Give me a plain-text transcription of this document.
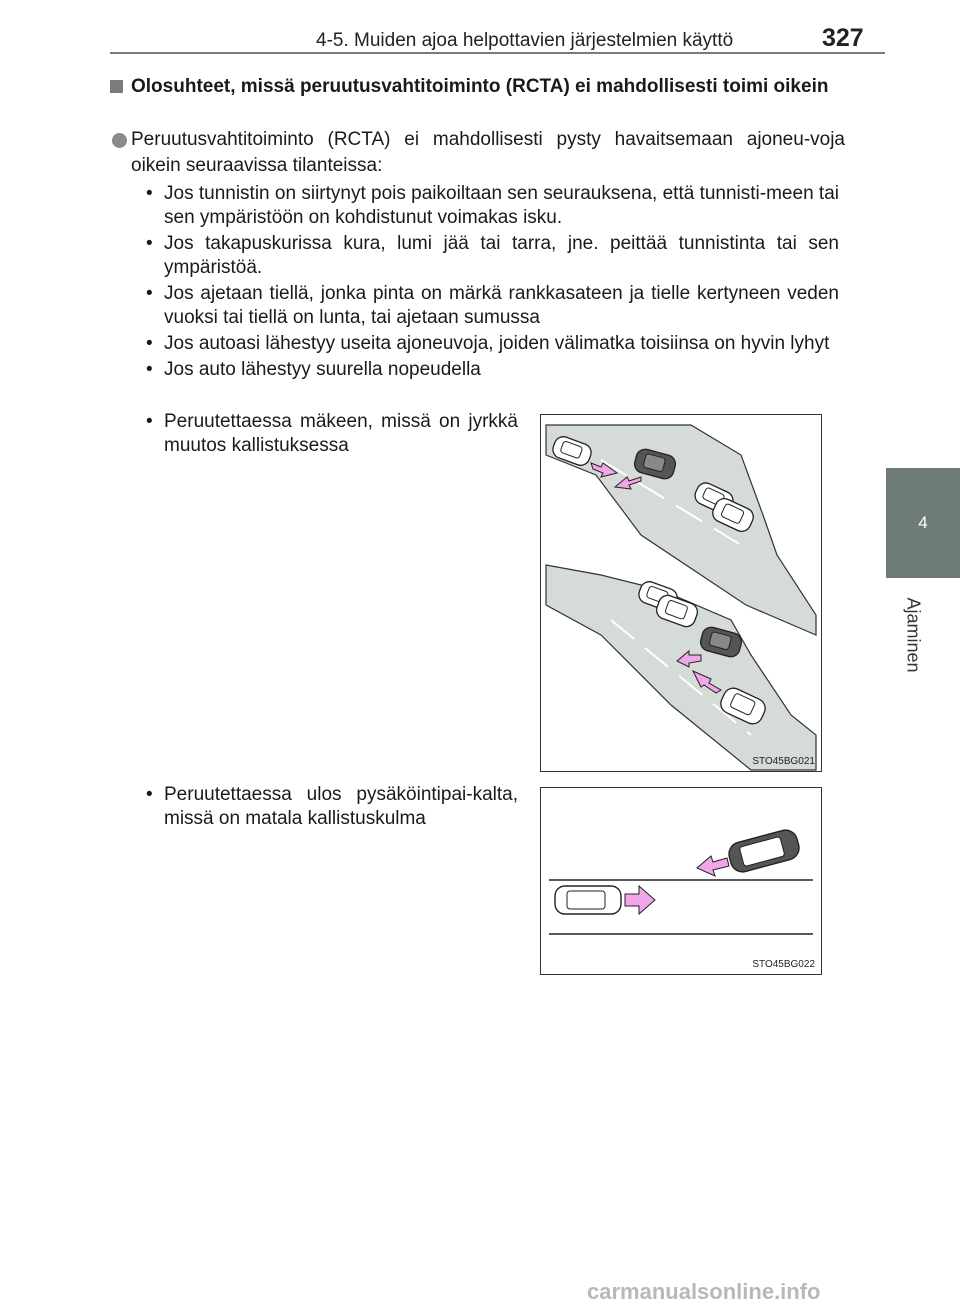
4-5. Muiden ajoa helpottavien järjestelmien käyttö	327
4
Ajaminen
Olosuhteet, missä peruutusvahtitoiminto (RCTA) ei mahdollisesti toimi oikein
Peruutusvahtitoiminto (RCTA) ei mahdollisesti pysty havaitsemaan ajoneu-voja oikein seuraavissa tilanteissa:
• Jos tunnistin on siirtynyt pois paikoiltaan sen seurauksena, että tunnisti-meen tai sen ympäristöön on kohdistunut voimakas isku.
• Jos takapuskurissa kura, lumi jää tai tarra, jne. peittää tunnistinta tai sen ympäristöä.
• Jos ajetaan tiellä, jonka pinta on märkä rankkasateen ja tielle kertyneen veden vuoksi tai tiellä on lunta, tai ajetaan sumussa
• Jos autoasi lähestyy useita ajoneuvoja, joiden välimatka toisiinsa on hyvin lyhyt
• Jos auto lähestyy suurella nopeudella
• Peruutettaessa mäkeen, missä on jyrkkä muutos kallistuksessa
STO45BG021
• Peruutettaessa ulos pysäköintipai-kalta, missä on matala kallistuskulma
STO45BG022
carmanualsonline.info
